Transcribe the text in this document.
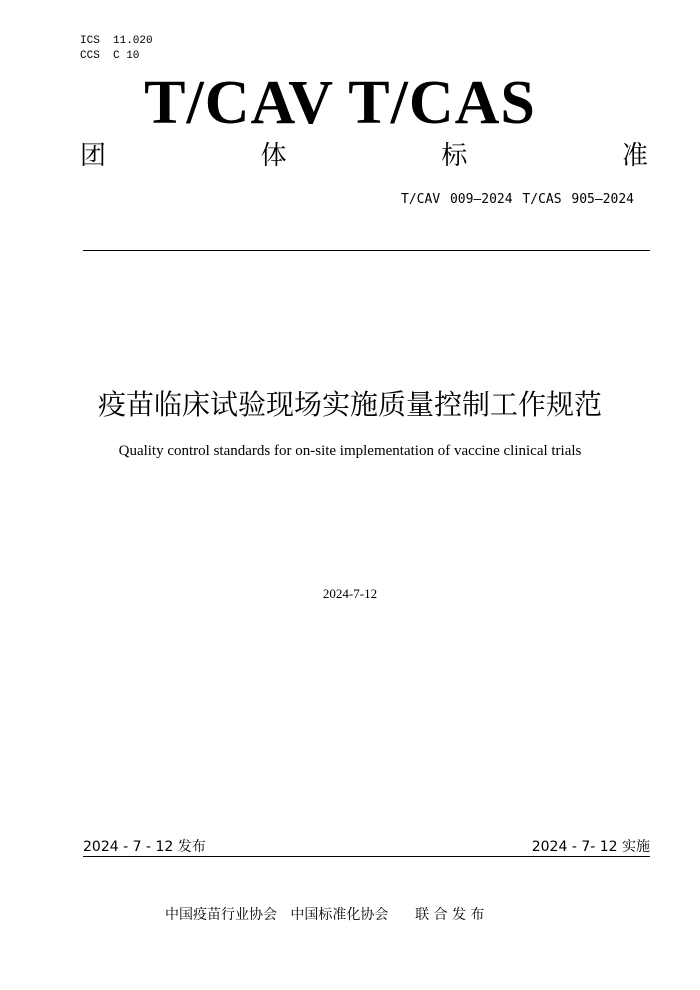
ICS  11.020
CCS  C 10
T/CAV T/CAS
团	体	标	准
T/CAV 009—2024 T/CAS 905—2024
疫苗临床试验现场实施质量控制工作规范
Quality control standards for on-site implementation of vaccine clinical trials
2024-7-12
2024 - 7 - 12 发布	2024 - 7- 12 实施
中国疫苗行业协会 中国标准化协会 联 合 发 布
